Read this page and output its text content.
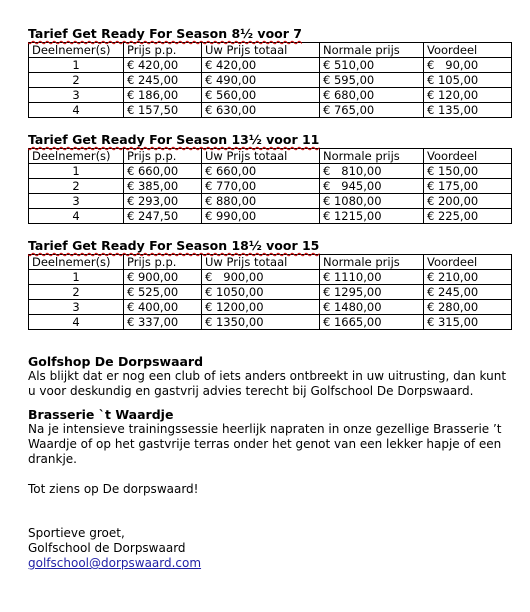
Tarief Get Ready For Season 8½ voor 7
Deelnemer(s)	Prijs p.p.	Uw Prijs totaal	Normale prijs	Voordeel
1	€ 420,00	€ 420,00	€ 510,00	€   90,00
2	€ 245,00	€ 490,00	€ 595,00	€ 105,00
3	€ 186,00	€ 560,00	€ 680,00	€ 120,00
4	€ 157,50	€ 630,00	€ 765,00	€ 135,00
Tarief Get Ready For Season 13½ voor 11
Deelnemer(s)	Prijs p.p.	Uw Prijs totaal	Normale prijs	Voordeel
1	€ 660,00	€ 660,00	€   810,00	€ 150,00
2	€ 385,00	€ 770,00	€   945,00	€ 175,00
3	€ 293,00	€ 880,00	€ 1080,00	€ 200,00
4	€ 247,50	€ 990,00	€ 1215,00	€ 225,00
Tarief Get Ready For Season 18½ voor 15
Deelnemer(s)	Prijs p.p.	Uw Prijs totaal	Normale prijs	Voordeel
1	€ 900,00	€   900,00	€ 1110,00	€ 210,00
2	€ 525,00	€ 1050,00	€ 1295,00	€ 245,00
3	€ 400,00	€ 1200,00	€ 1480,00	€ 280,00
4	€ 337,00	€ 1350,00	€ 1665,00	€ 315,00
Golfshop De Dorpswaard

Als blijkt dat er nog een club of iets anders ontbreekt in uw uitrusting, dan kunt u voor deskundig en gastvrij advies terecht bij Golfschool De Dorpswaard.

Brasserie `t Waardje

Na je intensieve trainingssessie heerlijk napraten in onze gezellige Brasserie ’t Waardje of op het gastvrije terras onder het genot van een lekker hapje of een drankje.

Tot ziens op De dorpswaard!

Sportieve groet,

Golfschool de Dorpswaard

golfschool@dorpswaard.com
